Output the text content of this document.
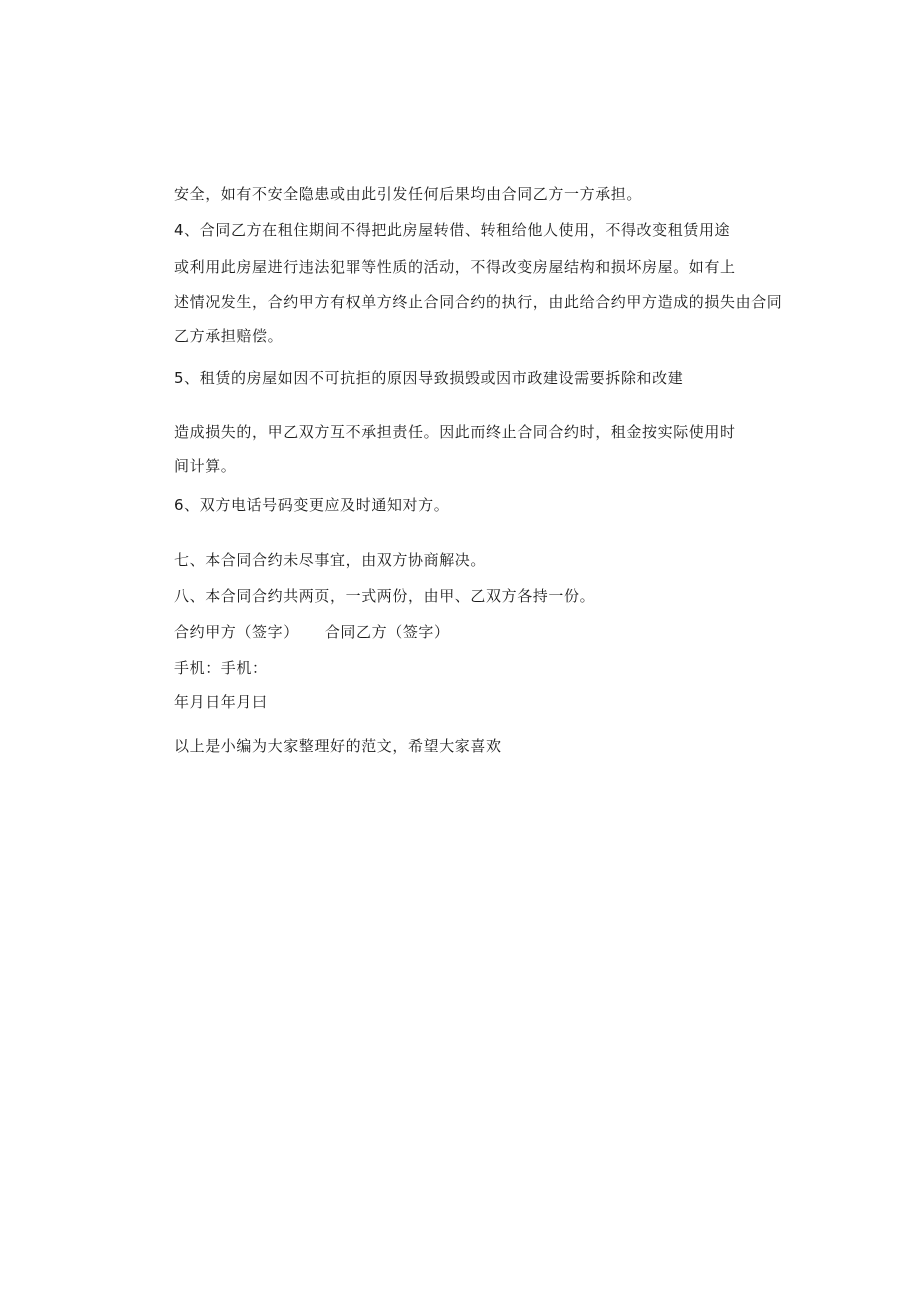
安全，如有不安全隐患或由此引发任何后果均由合同乙方一方承担。
4、合同乙方在租住期间不得把此房屋转借、转租给他人使用，不得改变租赁用途
或利用此房屋进行违法犯罪等性质的活动，不得改变房屋结构和损坏房屋。如有上
述情况发生，合约甲方有权单方终止合同合约的执行，由此给合约甲方造成的损失由合同
乙方承担赔偿。
5、租赁的房屋如因不可抗拒的原因导致损毁或因市政建设需要拆除和改建
造成损失的，甲乙双方互不承担责任。因此而终止合同合约时，租金按实际使用时
间计算。
6、双方电话号码变更应及时通知对方。
七、本合同合约未尽事宜，由双方协商解决。
八、本合同合约共两页，一式两份，由甲、乙双方各持一份。
合约甲方（签字） 合同乙方（签字）
手机：手机：
年月日年月曰
以上是小编为大家整理好的范文，希望大家喜欢
